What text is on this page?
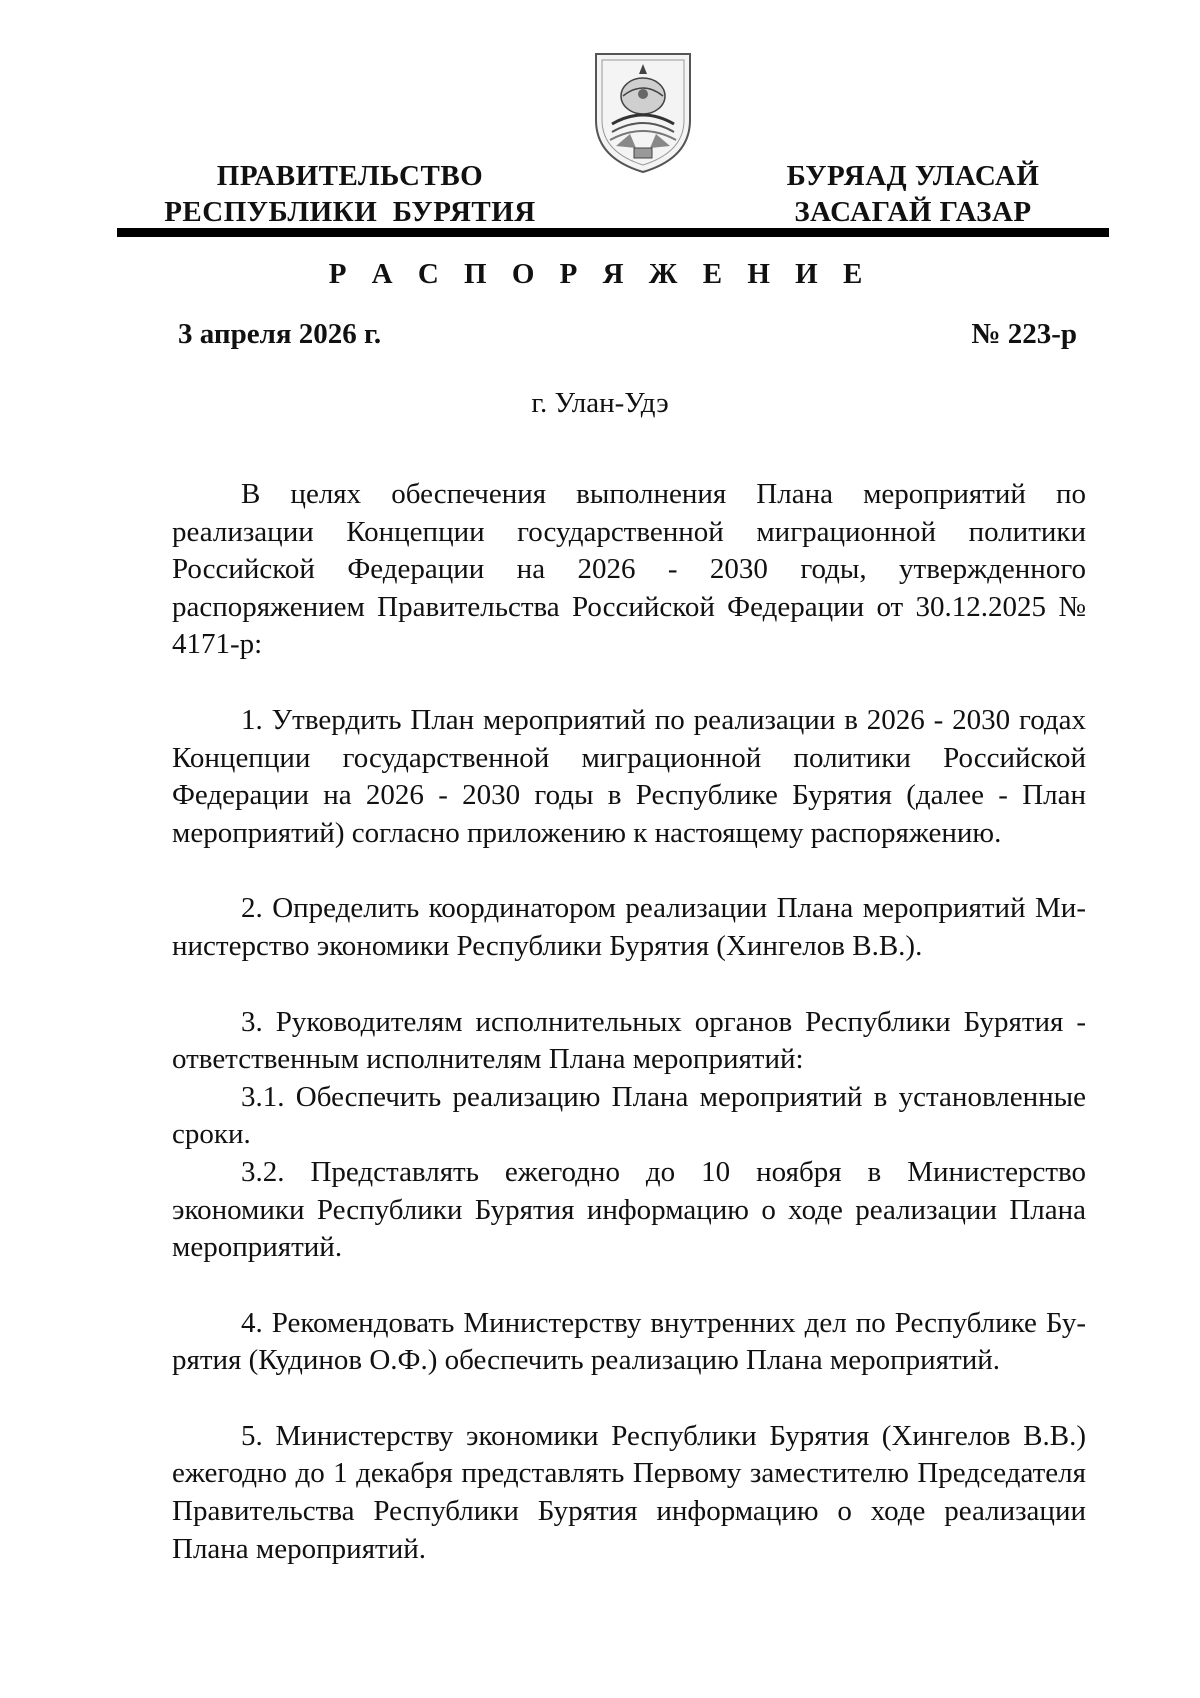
ПРАВИТЕЛЬСТВО
РЕСПУБЛИКИ  БУРЯТИЯ
БУРЯАД УЛАСАЙ
ЗАСАГАЙ ГАЗАР
Р А С П О Р Я Ж Е Н И Е
3 апреля 2026 г.	№ 223-р
г. Улан-Удэ

В целях обеспечения выполнения Плана мероприятий по реализации Концепции государственной миграционной политики Российской Федерации на 2026 - 2030 годы, утвержденного распоряжением Правительства Российской Федерации от 30.12.2025 № 4171-р:

1. Утвердить План мероприятий по реализации в 2026 - 2030 годах Концепции государственной миграционной политики Российской Федерации на 2026 - 2030 годы в Республике Бурятия (далее - План мероприятий) согласно приложению к настоящему распоряжению.

2. Определить координатором реализации Плана мероприятий Министерство экономики Республики Бурятия (Хингелов В.В.).

3. Руководителям исполнительных органов Республики Бурятия - ответственным исполнителям Плана мероприятий:

3.1. Обеспечить реализацию Плана мероприятий в установленные сроки.

3.2. Представлять ежегодно до 10 ноября в Министерство экономики Республики Бурятия информацию о ходе реализации Плана мероприятий.

4. Рекомендовать Министерству внутренних дел по Республике Бурятия (Кудинов О.Ф.) обеспечить реализацию Плана мероприятий.

5. Министерству экономики Республики Бурятия (Хингелов В.В.) ежегодно до 1 декабря представлять Первому заместителю Председателя Правительства Республики Бурятия информацию о ходе реализации Плана мероприятий.
